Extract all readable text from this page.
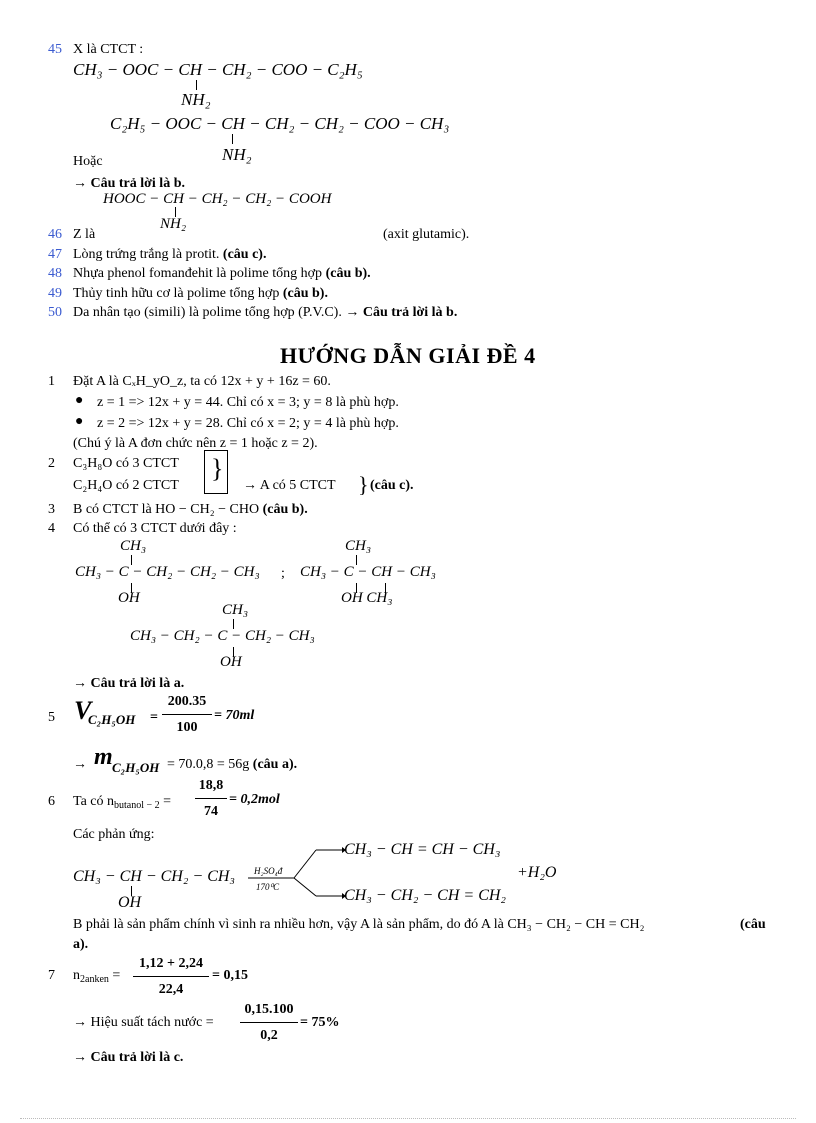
45 X là CTCT :
CH₃ − OOC − CH − CH₂ − COO − C₂H₅
NH₂
C₂H₅ − OOC − CH − CH₂ − CH₂ − COO − CH₃
Hoặc	NH₂
→ Câu trả lời là b.
HOOC − CH − CH₂ − CH₂ − COOH
46 Z là
NH₂
(axit glutamic).
47 Lòng trứng trắng là protit. (câu c).
48 Nhựa phenol fomanđehit là polime tổng hợp (câu b).
49 Thủy tinh hữu cơ là polime tổng hợp (câu b).
50 Da nhân tạo (simili) là polime tổng hợp (P.V.C). → Câu trả lời là b.
HƯỚNG DẪN GIẢI ĐỀ 4
1 Đặt A là CₓH_yO_z, ta có 12x + y + 16z = 60.
● z = 1 => 12x + y = 44. Chỉ có x = 3; y = 8 là phù hợp.
● z = 2 => 12x + y = 28. Chỉ có x = 2; y = 4 là phù hợp.
(Chú ý là A đơn chức nên z = 1 hoặc z = 2).
2 C₃H₈O có 3 CTCT
C₂H₄O có 2 CTCT
}
→ A có 5 CTCT } (câu c).
3 B có CTCT là HO − CH₂ − CHO (câu b).
4 Có thể có 3 CTCT dưới đây :
CH₃
CH₃ − C − CH₂ − CH₂ − CH₃
OH
;
CH₃
CH₃ − C − CH − CH₃
OH CH₃
CH₃
CH₃ − CH₂ − C − CH₂ − CH₃
OH
→ Câu trả lời là a.
5 V
C₂H₅OH =
200.35
100
= 70ml
→ m C₂H₅OH = 70.0,8 = 56g (câu a).
6 Ta có $n_{butanol - 2}$ =
18,8
74
= 0,2mol
Các phản ứng:
CH₃ − CH − CH₂ − CH₃
OH
H₂SO₄đ
170⁰C
CH₃ − CH = CH − CH₃
CH₃ − CH₂ − CH = CH₂
+H₂O
B phải là sản phẩm chính vì sinh ra nhiều hơn, vậy A là sản phẩm, do đó A là CH₃ − CH₂ − CH = CH₂	(câu
a).
7 $n_{2anken}$ =
1,12 + 2,24
22,4
= 0,15
→ Hiệu suất tách nước =
0,15.100
0,2
= 75%
→ Câu trả lời là c.
